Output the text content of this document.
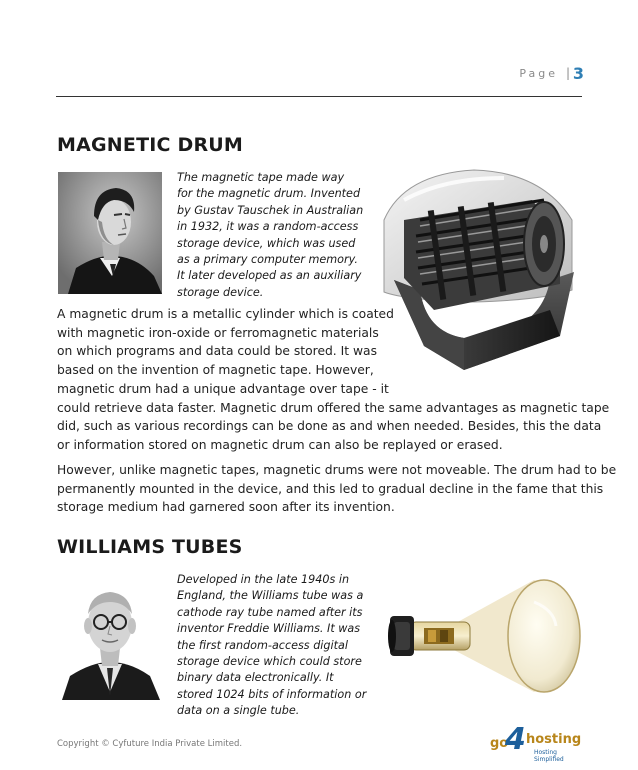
Page | 3
MAGNETIC DRUM
The magnetic tape made way
for the magnetic drum. Invented
by Gustav Tauschek in Australian
in 1932, it was a random-access
storage device, which was used
as a primary computer memory.
It later developed as an auxiliary
storage device.
A magnetic drum is a metallic cylinder which is coated
with magnetic iron-oxide or ferromagnetic materials
on which programs and data could be stored. It was
based on the invention of magnetic tape. However,
magnetic drum had a unique advantage over tape - it
could retrieve data faster. Magnetic drum offered the same advantages as magnetic tape
did, such as various recordings can be done as and when needed. Besides, this the data
or information stored on magnetic drum can also be replayed or erased.
However, unlike magnetic tapes, magnetic drums were not moveable. The drum had to be
permanently mounted in the device, and this led to gradual decline in the fame that this
storage medium had garnered soon after its invention.
WILLIAMS TUBES
Developed in the late 1940s in
England, the Williams tube was a
cathode ray tube named after its
inventor Freddie Williams. It was
the first random-access digital
storage device which could store
binary data electronically. It
stored 1024 bits of information or
data on a single tube.
Copyright © Cyfuture India Private Limited.	go
4 hosting
Hosting Simplified
